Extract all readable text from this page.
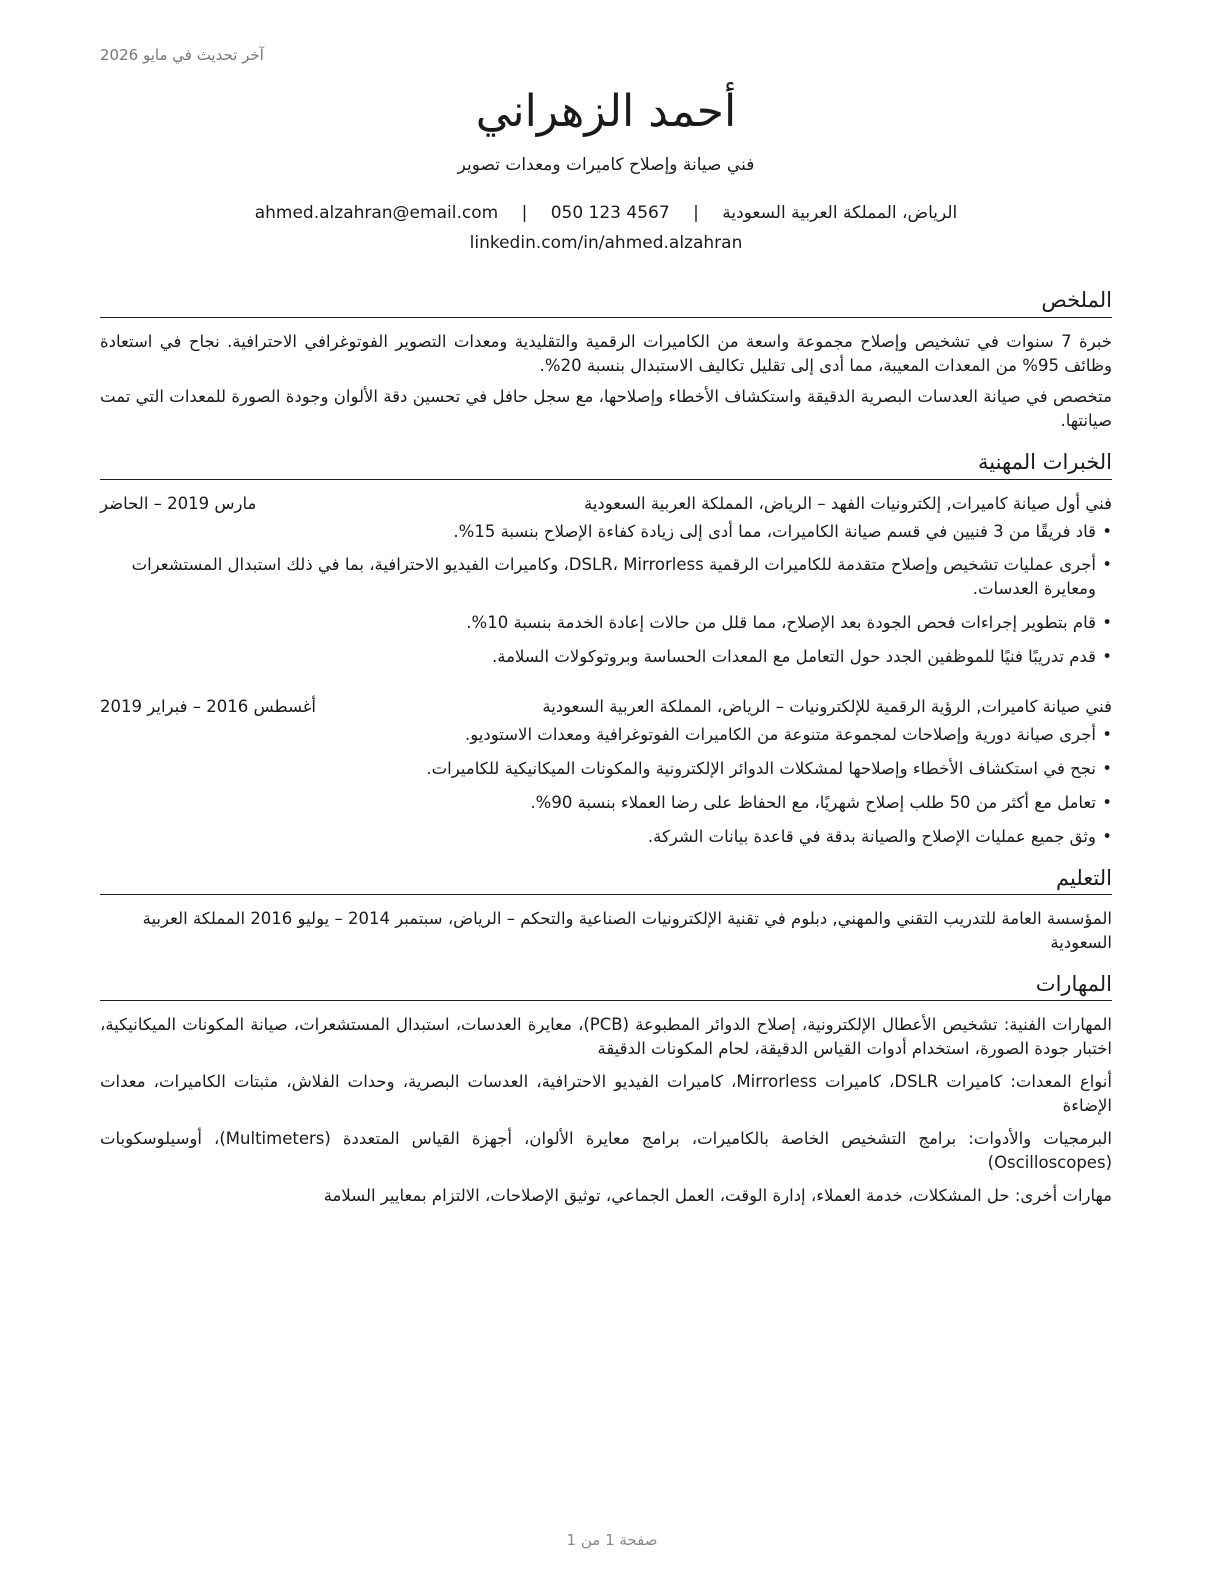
آخر تحديث في مايو 2026
أحمد الزهراني
فني صيانة وإصلاح كاميرات ومعدات تصوير
الرياض، المملكة العربية السعودية | ahmed.alzahran@email.com | 050 123 4567
linkedin.com/in/ahmed.alzahran
الملخص
خبرة 7 سنوات في تشخيص وإصلاح مجموعة واسعة من الكاميرات الرقمية والتقليدية ومعدات التصوير الفوتوغرافي الاحترافية. نجاح في استعادة وظائف 95% من المعدات المعيبة، مما أدى إلى تقليل تكاليف الاستبدال بنسبة 20%.
متخصص في صيانة العدسات البصرية الدقيقة واستكشاف الأخطاء وإصلاحها، مع سجل حافل في تحسين دقة الألوان وجودة الصورة للمعدات التي تمت صيانتها.
الخبرات المهنية
فني أول صيانة كاميرات, إلكترونيات الفهد – الرياض، المملكة العربية السعودية
مارس 2019 – الحاضر
•
قاد فريقًا من 3 فنيين في قسم صيانة الكاميرات، مما أدى إلى زيادة كفاءة الإصلاح بنسبة 15%.
•
أجرى عمليات تشخيص وإصلاح متقدمة للكاميرات الرقمية DSLR، Mirrorless، وكاميرات الفيديو الاحترافية، بما في ذلك استبدال المستشعرات ومعايرة العدسات.
•
قام بتطوير إجراءات فحص الجودة بعد الإصلاح، مما قلل من حالات إعادة الخدمة بنسبة 10%.
•
قدم تدريبًا فنيًا للموظفين الجدد حول التعامل مع المعدات الحساسة وبروتوكولات السلامة.
فني صيانة كاميرات, الرؤية الرقمية للإلكترونيات – الرياض، المملكة العربية السعودية
أغسطس 2016 – فبراير 2019
•
أجرى صيانة دورية وإصلاحات لمجموعة متنوعة من الكاميرات الفوتوغرافية ومعدات الاستوديو.
•
نجح في استكشاف الأخطاء وإصلاحها لمشكلات الدوائر الإلكترونية والمكونات الميكانيكية للكاميرات.
•
تعامل مع أكثر من 50 طلب إصلاح شهريًا، مع الحفاظ على رضا العملاء بنسبة 90%.
•
وثق جميع عمليات الإصلاح والصيانة بدقة في قاعدة بيانات الشركة.
التعليم
المؤسسة العامة للتدريب التقني والمهني, دبلوم في تقنية الإلكترونيات الصناعية والتحكم – الرياض، سبتمبر 2014 – يوليو 2016 المملكة العربية السعودية
المهارات
المهارات الفنية: تشخيص الأعطال الإلكترونية، إصلاح الدوائر المطبوعة (PCB)، معايرة العدسات، استبدال المستشعرات، صيانة المكونات الميكانيكية، اختبار جودة الصورة، استخدام أدوات القياس الدقيقة، لحام المكونات الدقيقة
أنواع المعدات: كاميرات DSLR، كاميرات Mirrorless، كاميرات الفيديو الاحترافية، العدسات البصرية، وحدات الفلاش، مثبتات الكاميرات، معدات الإضاءة
البرمجيات والأدوات: برامج التشخيص الخاصة بالكاميرات، برامج معايرة الألوان، أجهزة القياس المتعددة (Multimeters)، أوسيلوسكوبات (Oscilloscopes)
مهارات أخرى: حل المشكلات، خدمة العملاء، إدارة الوقت، العمل الجماعي، توثيق الإصلاحات، الالتزام بمعايير السلامة
صفحة 1 من 1
